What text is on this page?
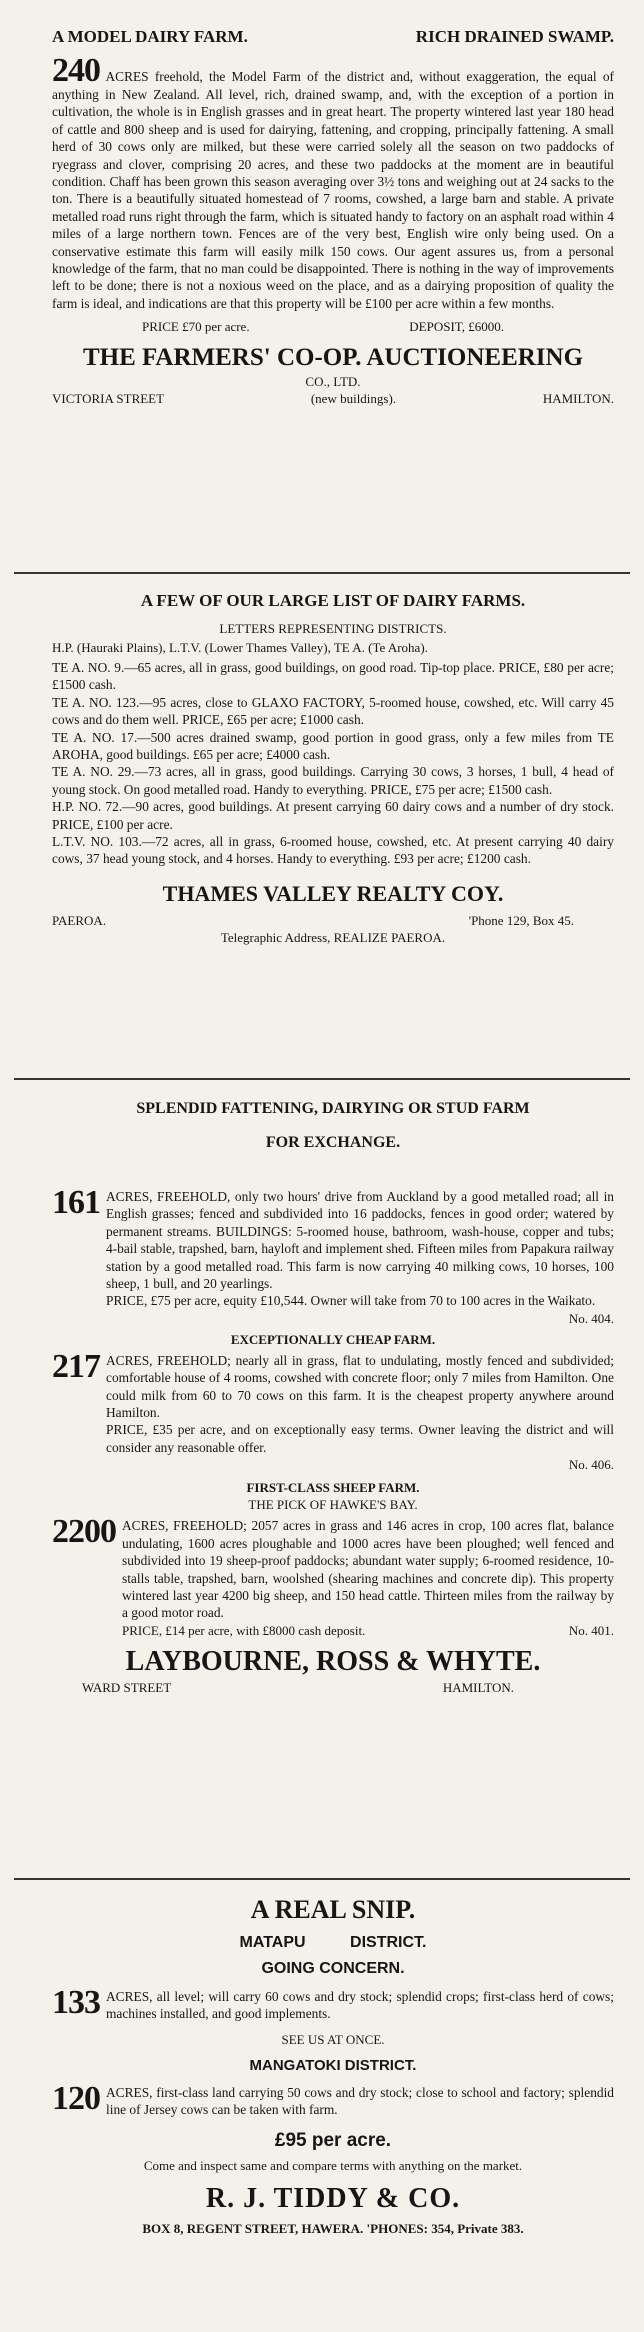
A MODEL DAIRY FARM.	RICH DRAINED SWAMP.

240 ACRES freehold, the Model Farm of the district and, without exaggeration, the equal of anything in New Zealand. All level, rich, drained swamp, and, with the exception of a portion in cultivation, the whole is in English grasses and in great heart. The property wintered last year 180 head of cattle and 800 sheep and is used for dairying, fattening, and cropping, principally fattening. A small herd of 30 cows only are milked, but these were carried solely all the season on two paddocks of ryegrass and clover, comprising 20 acres, and these two paddocks at the moment are in beautiful condition. Chaff has been grown this season averaging over 3½ tons and weighing out at 24 sacks to the ton. There is a beautifully situated homestead of 7 rooms, cowshed, a large barn and stable. A private metalled road runs right through the farm, which is situated handy to factory on an asphalt road within 4 miles of a large northern town. Fences are of the very best, English wire only being used. On a conservative estimate this farm will easily milk 150 cows. Our agent assures us, from a personal knowledge of the farm, that no man could be disappointed. There is nothing in the way of improvements left to be done; there is not a noxious weed on the place, and as a dairying proposition of quality the farm is ideal, and indications are that this property will be £100 per acre within a few months.

PRICE £70 per acre.	DEPOSIT, £6000.
THE FARMERS' CO-OP. AUCTIONEERING
CO., LTD.
VICTORIA STREET	(new buildings).	HAMILTON.
A FEW OF OUR LARGE LIST OF DAIRY FARMS.
LETTERS REPRESENTING DISTRICTS.
H.P. (Hauraki Plains), L.T.V. (Lower Thames Valley), TE A. (Te Aroha).

TE A. NO. 9.—65 acres, all in grass, good buildings, on good road. Tip-top place. PRICE, £80 per acre; £1500 cash.

TE A. NO. 123.—95 acres, close to GLAXO FACTORY, 5-roomed house, cowshed, etc. Will carry 45 cows and do them well. PRICE, £65 per acre; £1000 cash.

TE A. NO. 17.—500 acres drained swamp, good portion in good grass, only a few miles from TE AROHA, good buildings. £65 per acre; £4000 cash.

TE A. NO. 29.—73 acres, all in grass, good buildings. Carrying 30 cows, 3 horses, 1 bull, 4 head of young stock. On good metalled road. Handy to everything. PRICE, £75 per acre; £1500 cash.

H.P. NO. 72.—90 acres, good buildings. At present carrying 60 dairy cows and a number of dry stock. PRICE, £100 per acre.

L.T.V. NO. 103.—72 acres, all in grass, 6-roomed house, cowshed, etc. At present carrying 40 dairy cows, 37 head young stock, and 4 horses. Handy to everything. £93 per acre; £1200 cash.

THAMES VALLEY REALTY COY.
PAEROA.	'Phone 129, Box 45.
Telegraphic Address, REALIZE PAEROA.
SPLENDID FATTENING, DAIRYING OR STUD FARM
FOR EXCHANGE.
161 ACRES, FREEHOLD, only two hours' drive from Auckland by a good metalled road; all in English grasses; fenced and subdivided into 16 paddocks, fences in good order; watered by permanent streams. BUILDINGS: 5-roomed house, bathroom, wash-house, copper and tubs; 4-bail stable, trapshed, barn, hayloft and implement shed. Fifteen miles from Papakura railway station by a good metalled road. This farm is now carrying 40 milking cows, 10 horses, 100 sheep, 1 bull, and 20 yearlings.

PRICE, £75 per acre, equity £10,544. Owner will take from 70 to 100 acres in the Waikato.

No. 404.
EXCEPTIONALLY CHEAP FARM.
217 ACRES, FREEHOLD; nearly all in grass, flat to undulating, mostly fenced and subdivided; comfortable house of 4 rooms, cowshed with concrete floor; only 7 miles from Hamilton. One could milk from 60 to 70 cows on this farm. It is the cheapest property anywhere around Hamilton.

PRICE, £35 per acre, and on exceptionally easy terms. Owner leaving the district and will consider any reasonable offer.

No. 406.
FIRST-CLASS SHEEP FARM.
THE PICK OF HAWKE'S BAY.
2200 ACRES, FREEHOLD; 2057 acres in grass and 146 acres in crop, 100 acres flat, balance undulating, 1600 acres ploughable and 1000 acres have been ploughed; well fenced and subdivided into 19 sheep-proof paddocks; abundant water supply; 6-roomed residence, 10-stalls table, trapshed, barn, woolshed (shearing machines and concrete dip). This property wintered last year 4200 big sheep, and 150 head cattle. Thirteen miles from the railway by a good motor road.

PRICE, £14 per acre, with £8000 cash deposit.	No. 401.
LAYBOURNE, ROSS & WHYTE.
WARD STREET	HAMILTON.
A REAL SNIP.
MATAPU DISTRICT.
GOING CONCERN.
133 ACRES, all level; will carry 60 cows and dry stock; splendid crops; first-class herd of cows; machines installed, and good implements.

SEE US AT ONCE.
MANGATOKI DISTRICT.
120 ACRES, first-class land carrying 50 cows and dry stock; close to school and factory; splendid line of Jersey cows can be taken with farm.

£95 per acre.
Come and inspect same and compare terms with anything on the market.
R. J. TIDDY & CO.
BOX 8, REGENT STREET, HAWERA. 'PHONES: 354, Private 383.
